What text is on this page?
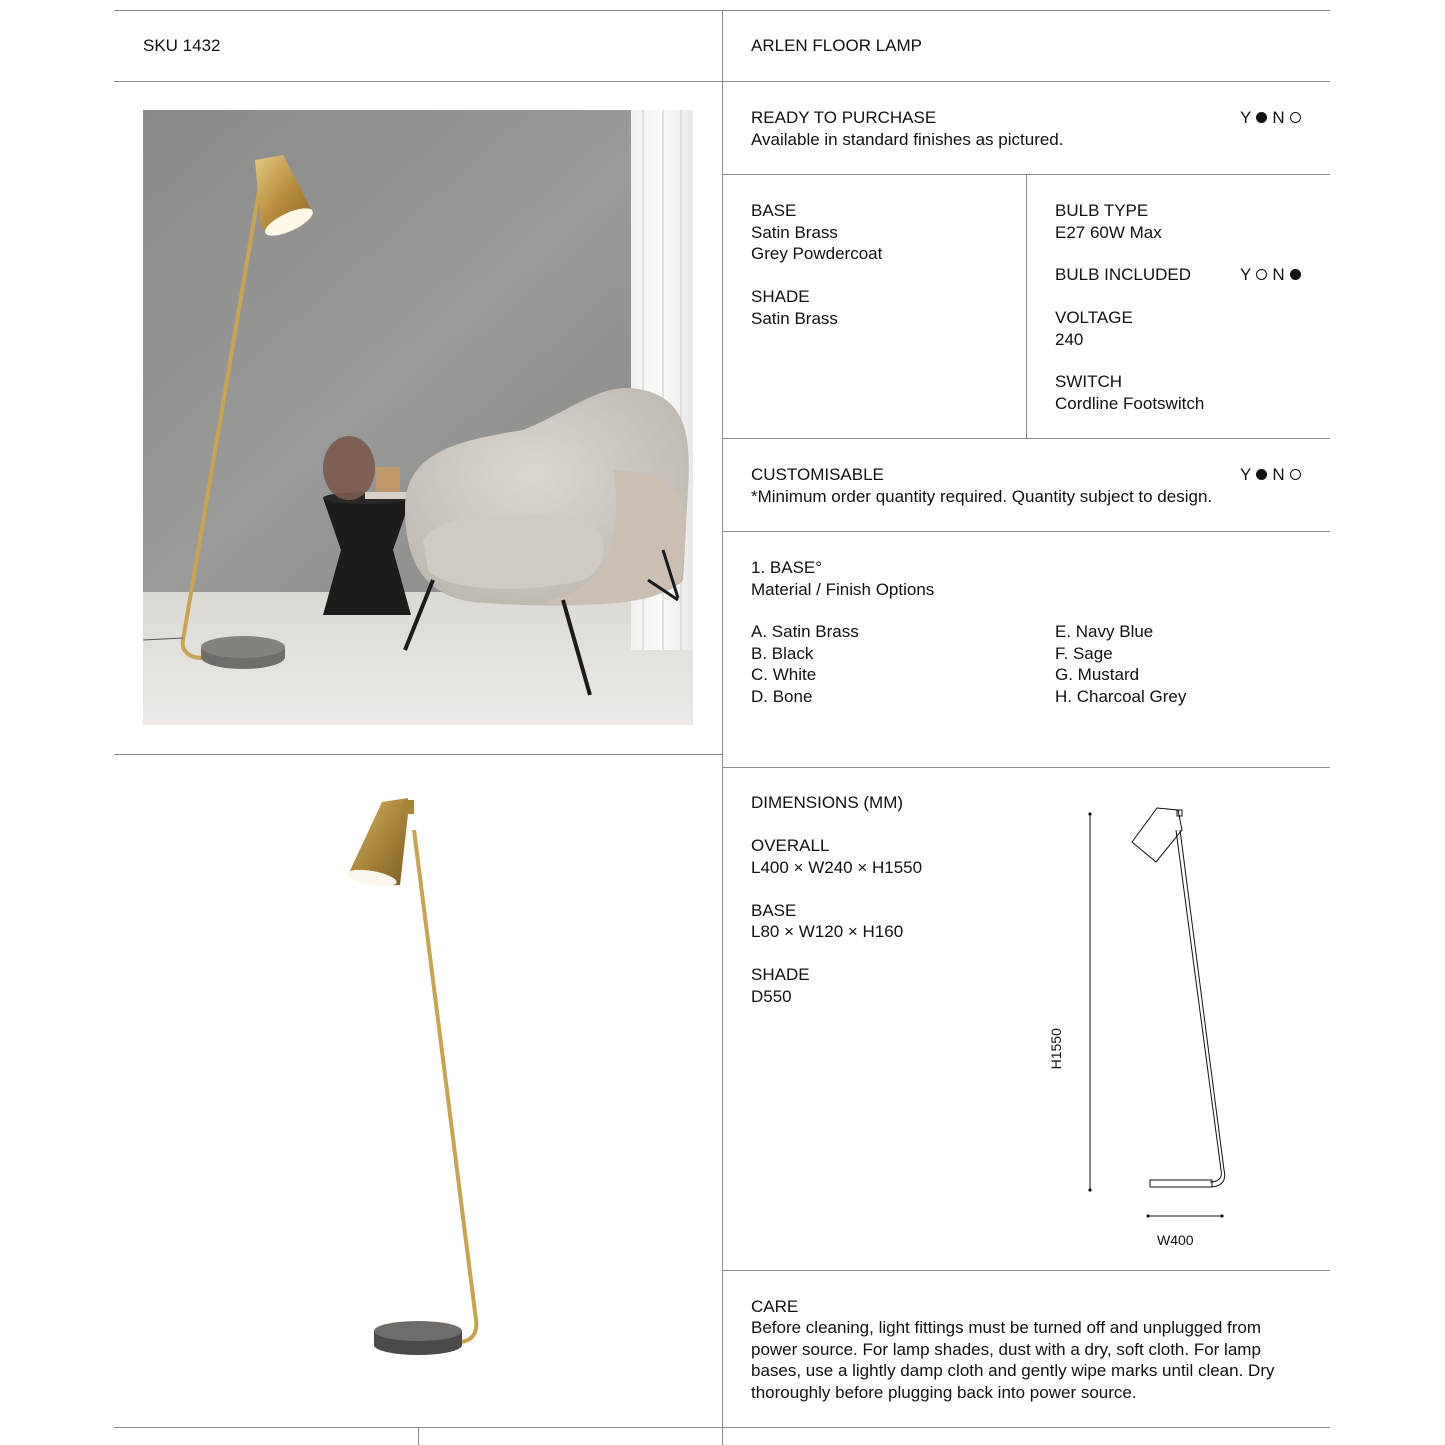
SKU 1432	ARLEN FLOOR LAMP
READY TO PURCHASE
Available in standard finishes as pictured.
Y N
BASE
Satin Brass
Grey Powdercoat
SHADE
Satin Brass
BULB TYPE
E27 60W Max
BULB INCLUDED	Y N
VOLTAGE
240
SWITCH
Cordline Footswitch
CUSTOMISABLE
*Minimum order quantity required. Quantity subject to design.
Y N
1. BASE°
Material / Finish Options
A. Satin Brass
B. Black
C. White
D. Bone
E. Navy Blue
F. Sage
G. Mustard
H. Charcoal Grey
DIMENSIONS (MM)
OVERALL
L400 × W240 × H1550
BASE
L80 × W120 × H160
SHADE
D550
H1550
W400
CARE
Before cleaning, light fittings must be turned off and unplugged from power source. For lamp shades, dust with a dry, soft cloth. For lamp bases, use a lightly damp cloth and gently wipe marks until clean. Dry thoroughly before plugging back into power source.
